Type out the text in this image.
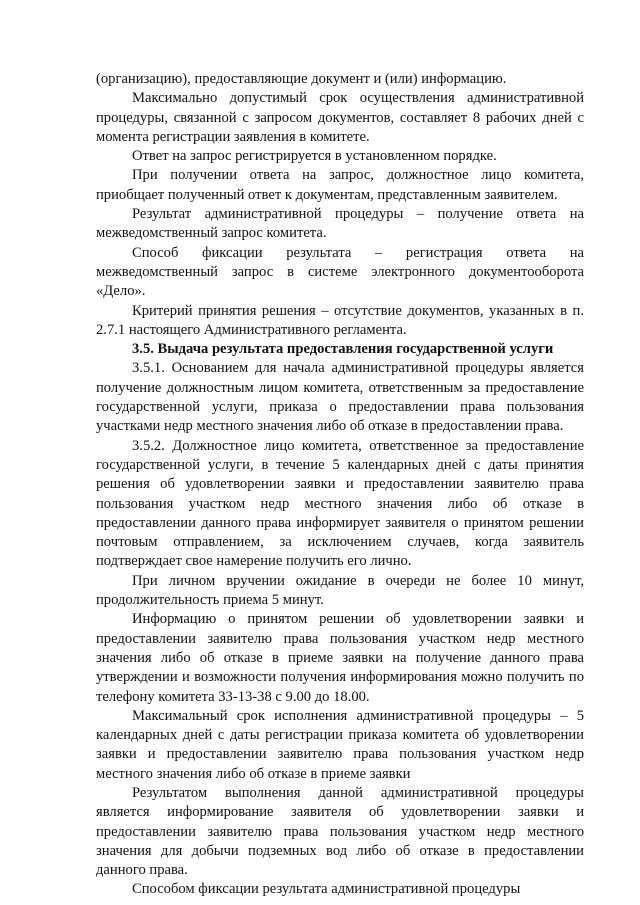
(организацию), предоставляющие документ и (или) информацию.

Максимально допустимый срок осуществления административной процедуры, связанной с запросом документов, составляет 8 рабочих дней с момента регистрации заявления в комитете.

Ответ на запрос регистрируется в установленном порядке.

При получении ответа на запрос, должностное лицо комитета, приобщает полученный ответ к документам, представленным заявителем.

Результат административной процедуры – получение ответа на межведомственный запрос комитета.

Способ фиксации результата – регистрация ответа на межведомственный запрос в системе электронного документооборота «Дело».

Критерий принятия решения – отсутствие документов, указанных в п. 2.7.1 настоящего Административного регламента.

3.5. Выдача результата предоставления государственной услуги

3.5.1. Основанием для начала административной процедуры является получение должностным лицом комитета, ответственным за предоставление государственной услуги, приказа о предоставлении права пользования участками недр местного значения либо об отказе в предоставлении права.

3.5.2. Должностное лицо комитета, ответственное за предоставление государственной услуги, в течение 5 календарных дней с даты принятия решения об удовлетворении заявки и предоставлении заявителю права пользования участком недр местного значения либо об отказе в предоставлении данного права информирует заявителя о принятом решении почтовым отправлением, за исключением случаев, когда заявитель подтверждает свое намерение получить его лично.

При личном вручении ожидание в очереди не более 10 минут, продолжительность приема 5 минут.

Информацию о принятом решении об удовлетворении заявки и предоставлении заявителю права пользования участком недр местного значения либо об отказе в приеме заявки на получение данного права утверждении и возможности получения информирования можно получить по телефону комитета 33-13-38 с 9.00 до 18.00.

Максимальный срок исполнения административной процедуры – 5 календарных дней с даты регистрации приказа комитета об удовлетворении заявки и предоставлении заявителю права пользования участком недр местного значения либо об отказе в приеме заявки

Результатом выполнения данной административной процедуры является информирование заявителя об удовлетворении заявки и предоставлении заявителю права пользования участком недр местного значения для добычи подземных вод либо об отказе в предоставлении данного права.

Способом фиксации результата административной процедуры
